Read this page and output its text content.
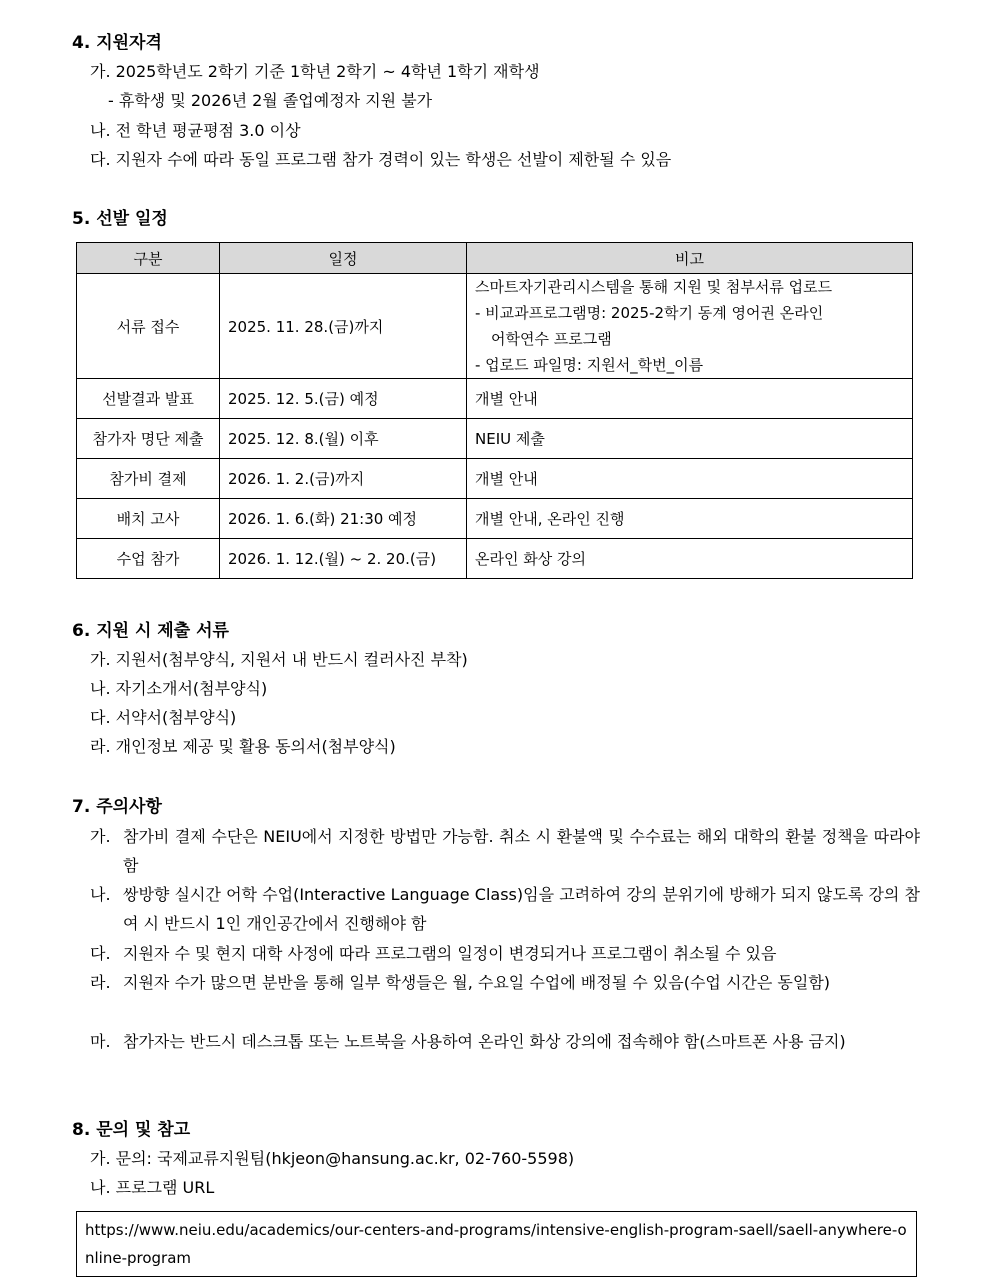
4. 지원자격
가. 2025학년도 2학기 기준 1학년 2학기 ~ 4학년 1학기 재학생
- 휴학생 및 2026년 2월 졸업예정자 지원 불가
나. 전 학년 평균평점 3.0 이상
다. 지원자 수에 따라 동일 프로그램 참가 경력이 있는 학생은 선발이 제한될 수 있음
5. 선발 일정
구분	일정	비고
서류 접수	2025. 11. 28.(금)까지	스마트자기관리시스템을 통해 지원 및 첨부서류 업로드
- 비교과프로그램명: 2025-2학기 동계 영어권 온라인
어학연수 프로그램
- 업로드 파일명: 지원서_학번_이름

선발결과 발표	2025. 12. 5.(금) 예정	개별 안내
참가자 명단 제출	2025. 12. 8.(월) 이후	NEIU 제출
참가비 결제	2026. 1. 2.(금)까지	개별 안내
배치 고사	2026. 1. 6.(화) 21:30 예정	개별 안내, 온라인 진행
수업 참가	2026. 1. 12.(월) ~ 2. 20.(금)	온라인 화상 강의
6. 지원 시 제출 서류
가. 지원서(첨부양식, 지원서 내 반드시 컬러사진 부착)
나. 자기소개서(첨부양식)
다. 서약서(첨부양식)
라. 개인정보 제공 및 활용 동의서(첨부양식)
7. 주의사항
가. 참가비 결제 수단은 NEIU에서 지정한 방법만 가능함. 취소 시 환불액 및 수수료는 해외 대학의 환불 정책을 따라야 함
나. 쌍방향 실시간 어학 수업(Interactive Language Class)임을 고려하여 강의 분위기에 방해가 되지 않도록 강의 참여 시 반드시 1인 개인공간에서 진행해야 함
다. 지원자 수 및 현지 대학 사정에 따라 프로그램의 일정이 변경되거나 프로그램이 취소될 수 있음
라. 지원자 수가 많으면 분반을 통해 일부 학생들은 월, 수요일 수업에 배정될 수 있음(수업 시간은 동일함)
마. 참가자는 반드시 데스크톱 또는 노트북을 사용하여 온라인 화상 강의에 접속해야 함(스마트폰 사용 금지)
8. 문의 및 참고
가. 문의: 국제교류지원팀(hkjeon@hansung.ac.kr, 02-760-5598)
나. 프로그램 URL
https://www.neiu.edu/academics/our-centers-and-programs/intensive-english-program-saell/saell-anywhere-online-program
